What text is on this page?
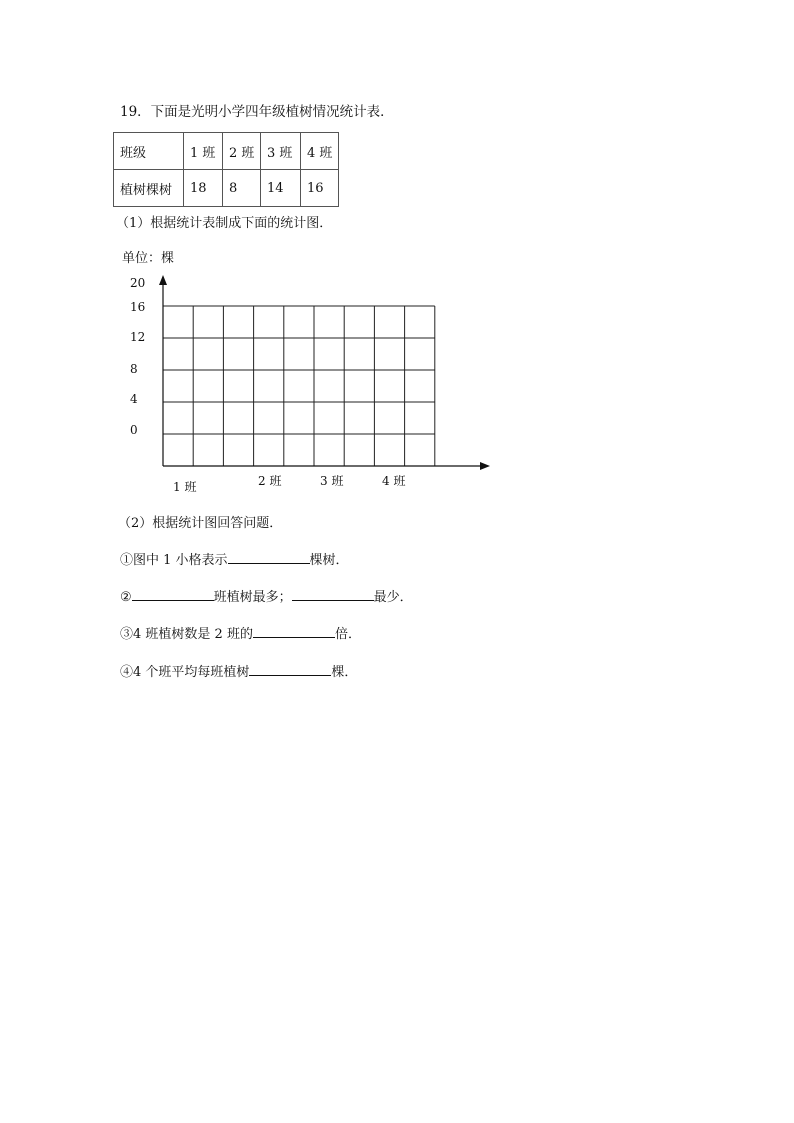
19．下面是光明小学四年级植树情况统计表．
班级	1 班	2 班	3 班	4 班
植树棵树	18	8	14	16
（1）根据统计表制成下面的统计图．
单位：棵
20
16
12
8
4
0
1 班	2 班	3 班	4 班
（2）根据统计图回答问题．
①图中 1 小格表示	棵树．
②	班植树最多；	最少．
③4 班植树数是 2 班的	倍．
④4 个班平均每班植树	棵．
